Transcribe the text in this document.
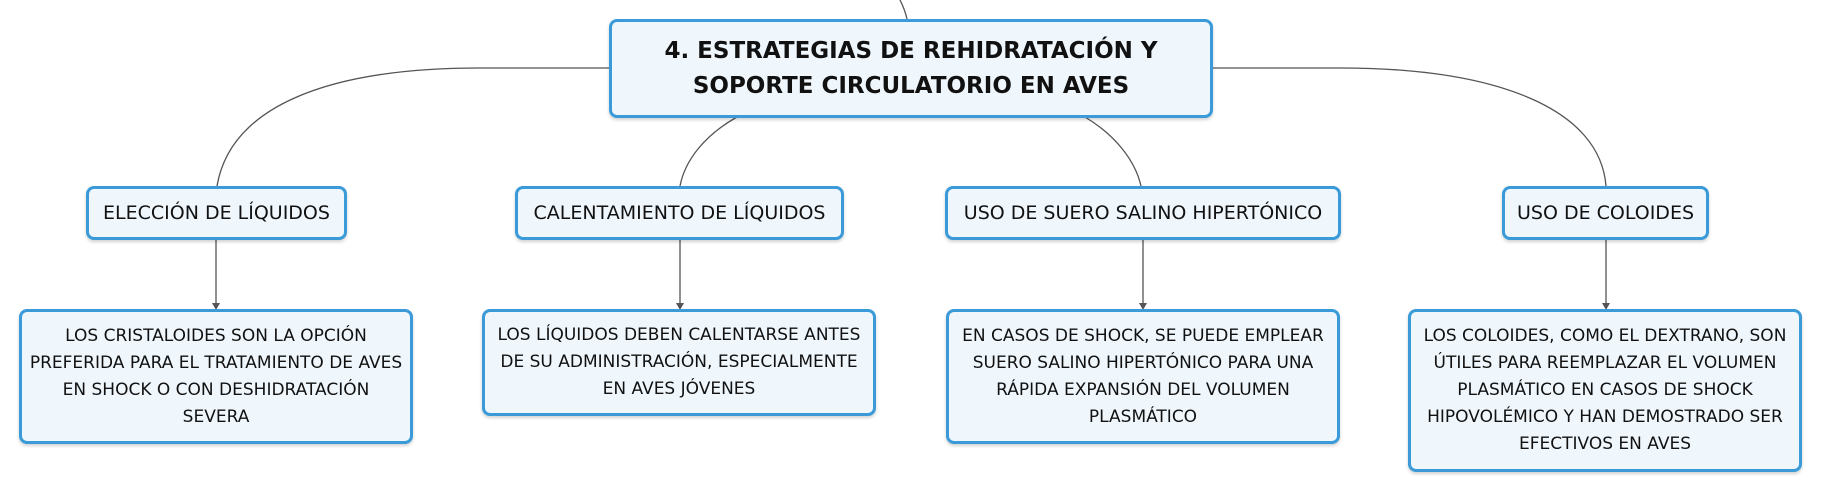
4. ESTRATEGIAS DE REHIDRATACIÓN Y SOPORTE CIRCULATORIO EN AVES
ELECCIÓN DE LÍQUIDOS	CALENTAMIENTO DE LÍQUIDOS	USO DE SUERO SALINO HIPERTÓNICO	USO DE COLOIDES
LOS CRISTALOIDES SON LA OPCIÓN PREFERIDA PARA EL TRATAMIENTO DE AVES EN SHOCK O CON DESHIDRATACIÓN SEVERA
LOS LÍQUIDOS DEBEN CALENTARSE ANTES DE SU ADMINISTRACIÓN, ESPECIALMENTE EN AVES JÓVENES
EN CASOS DE SHOCK, SE PUEDE EMPLEAR SUERO SALINO HIPERTÓNICO PARA UNA RÁPIDA EXPANSIÓN DEL VOLUMEN PLASMÁTICO
LOS COLOIDES, COMO EL DEXTRANO, SON ÚTILES PARA REEMPLAZAR EL VOLUMEN PLASMÁTICO EN CASOS DE SHOCK HIPOVOLÉMICO Y HAN DEMOSTRADO SER EFECTIVOS EN AVES
